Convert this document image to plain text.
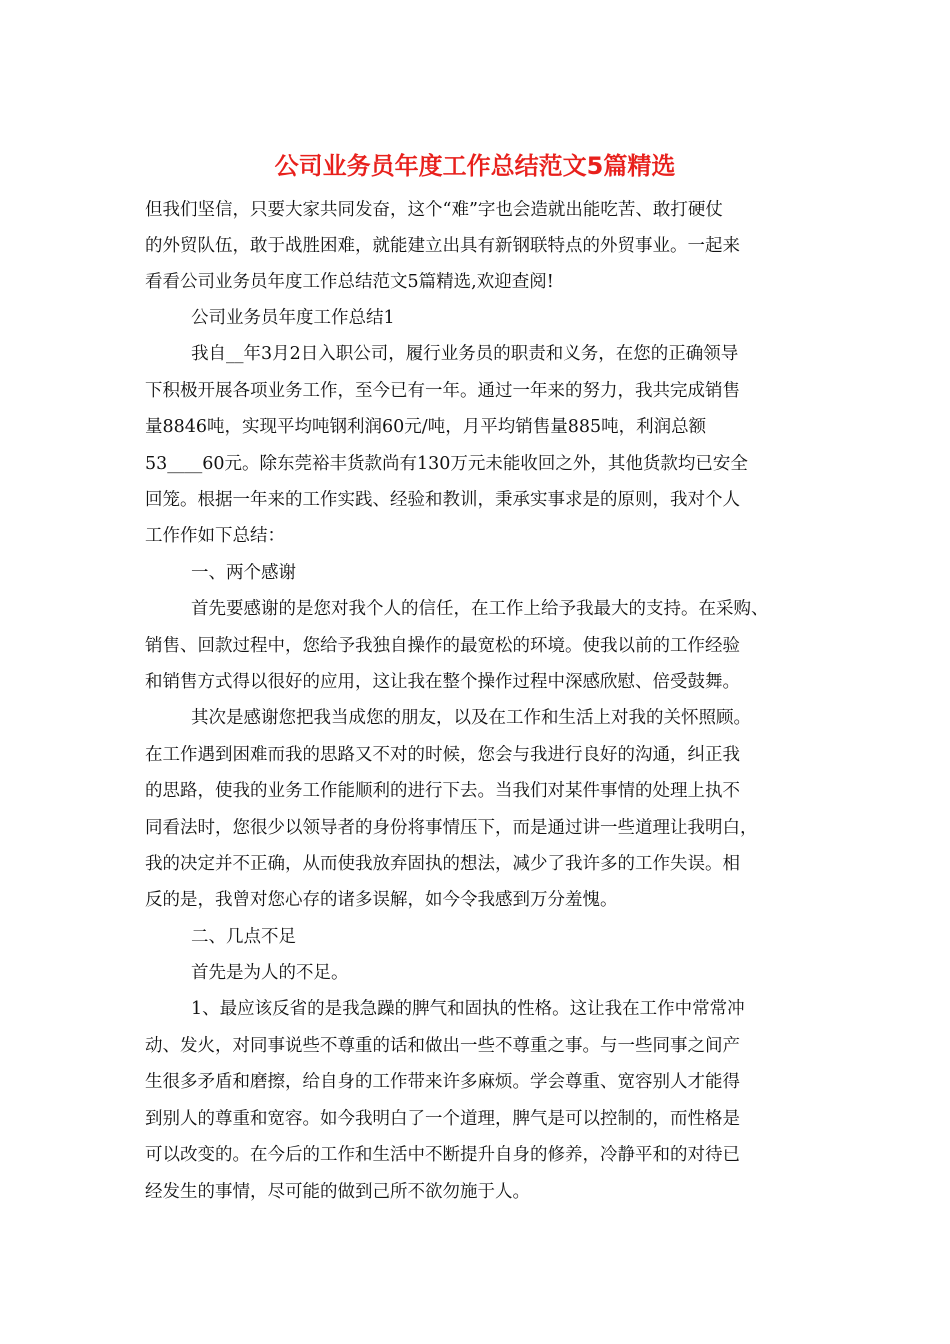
公司业务员年度工作总结范文5篇精选
但我们坚信，只要大家共同发奋，这个“难”字也会造就出能吃苦、敢打硬仗
的外贸队伍，敢于战胜困难，就能建立出具有新钢联特点的外贸事业。一起来
看看公司业务员年度工作总结范文5篇精选,欢迎查阅!
公司业务员年度工作总结1
我自__年3月2日入职公司，履行业务员的职责和义务，在您的正确领导
下积极开展各项业务工作，至今已有一年。通过一年来的努力，我共完成销售
量8846吨，实现平均吨钢利润60元/吨，月平均销售量885吨，利润总额
53____60元。除东莞裕丰货款尚有130万元未能收回之外，其他货款均已安全
回笼。根据一年来的工作实践、经验和教训，秉承实事求是的原则，我对个人
工作作如下总结：
一、两个感谢
首先要感谢的是您对我个人的信任，在工作上给予我最大的支持。在采购、
销售、回款过程中，您给予我独自操作的最宽松的环境。使我以前的工作经验
和销售方式得以很好的应用，这让我在整个操作过程中深感欣慰、倍受鼓舞。
其次是感谢您把我当成您的朋友，以及在工作和生活上对我的关怀照顾。
在工作遇到困难而我的思路又不对的时候，您会与我进行良好的沟通，纠正我
的思路，使我的业务工作能顺利的进行下去。当我们对某件事情的处理上执不
同看法时，您很少以领导者的身份将事情压下，而是通过讲一些道理让我明白，
我的决定并不正确，从而使我放弃固执的想法，减少了我许多的工作失误。相
反的是，我曾对您心存的诸多误解，如今令我感到万分羞愧。
二、几点不足
首先是为人的不足。
1、最应该反省的是我急躁的脾气和固执的性格。这让我在工作中常常冲
动、发火，对同事说些不尊重的话和做出一些不尊重之事。与一些同事之间产
生很多矛盾和磨擦，给自身的工作带来许多麻烦。学会尊重、宽容别人才能得
到别人的尊重和宽容。如今我明白了一个道理，脾气是可以控制的，而性格是
可以改变的。在今后的工作和生活中不断提升自身的修养，冷静平和的对待已
经发生的事情，尽可能的做到己所不欲勿施于人。
